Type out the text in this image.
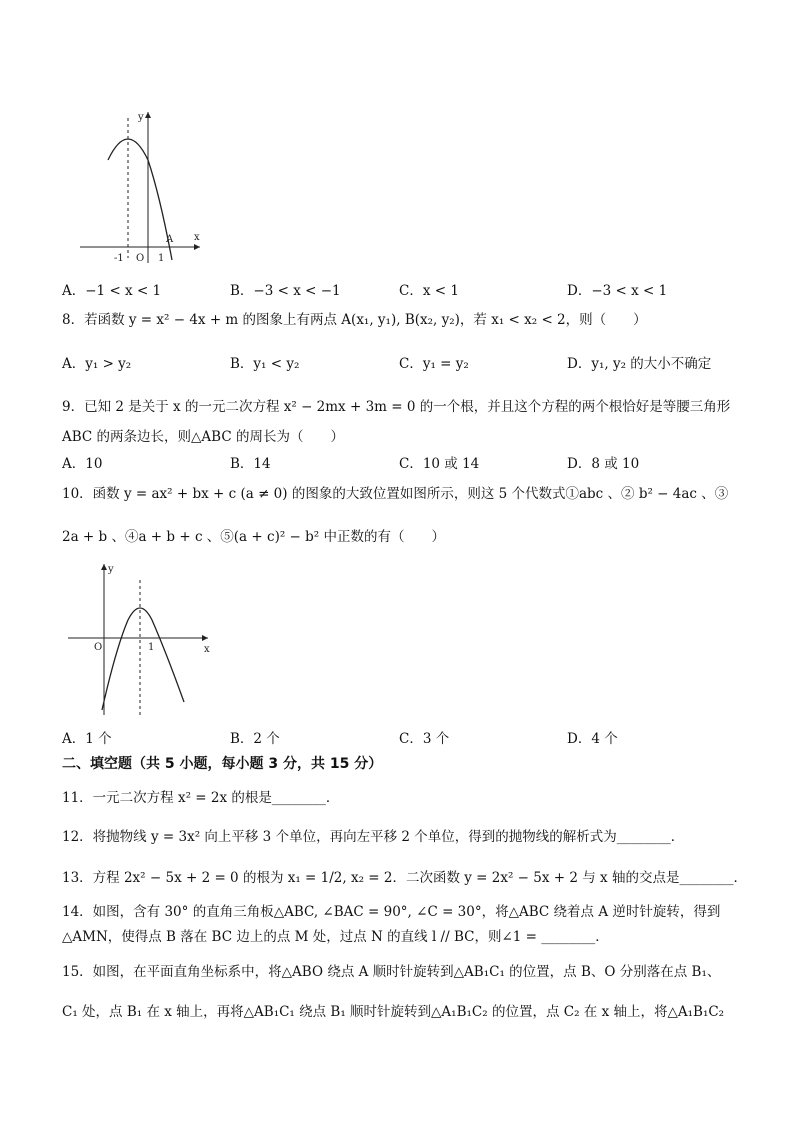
y
x
O
-1	1
A
A．−1 < x < 1	B．−3 < x < −1	C．x < 1	D．−3 < x < 1
8．若函数 y = x² − 4x + m 的图象上有两点 A(x₁, y₁), B(x₂, y₂)，若 x₁ < x₂ < 2，则（　　）
A．y₁ > y₂	B．y₁ < y₂	C．y₁ = y₂	D．y₁, y₂ 的大小不确定
9．已知 2 是关于 x 的一元二次方程 x² − 2mx + 3m = 0 的一个根，并且这个方程的两个根恰好是等腰三角形
ABC 的两条边长，则△ABC 的周长为（　　）
A．10	B．14	C．10 或 14	D．8 或 10
10．函数 y = ax² + bx + c (a ≠ 0) 的图象的大致位置如图所示，则这 5 个代数式①abc 、② b² − 4ac 、③
2a + b 、④a + b + c 、⑤(a + c)² − b² 中正数的有（　　）
y
x
O	1
A．1 个	B．2 个	C．3 个	D．4 个
二、填空题（共 5 小题，每小题 3 分，共 15 分）
11．一元二次方程 x² = 2x 的根是________．
12．将抛物线 y = 3x² 向上平移 3 个单位，再向左平移 2 个单位，得到的抛物线的解析式为________．
13．方程 2x² − 5x + 2 = 0 的根为 x₁ = 1/2, x₂ = 2．二次函数 y = 2x² − 5x + 2 与 x 轴的交点是________．
14．如图，含有 30° 的直角三角板△ABC, ∠BAC = 90°, ∠C = 30°，将△ABC 绕着点 A 逆时针旋转，得到
△AMN，使得点 B 落在 BC 边上的点 M 处，过点 N 的直线 l // BC，则∠1 = ________．
15．如图，在平面直角坐标系中，将△ABO 绕点 A 顺时针旋转到△AB₁C₁ 的位置，点 B、O 分别落在点 B₁、
C₁ 处，点 B₁ 在 x 轴上，再将△AB₁C₁ 绕点 B₁ 顺时针旋转到△A₁B₁C₂ 的位置，点 C₂ 在 x 轴上，将△A₁B₁C₂
